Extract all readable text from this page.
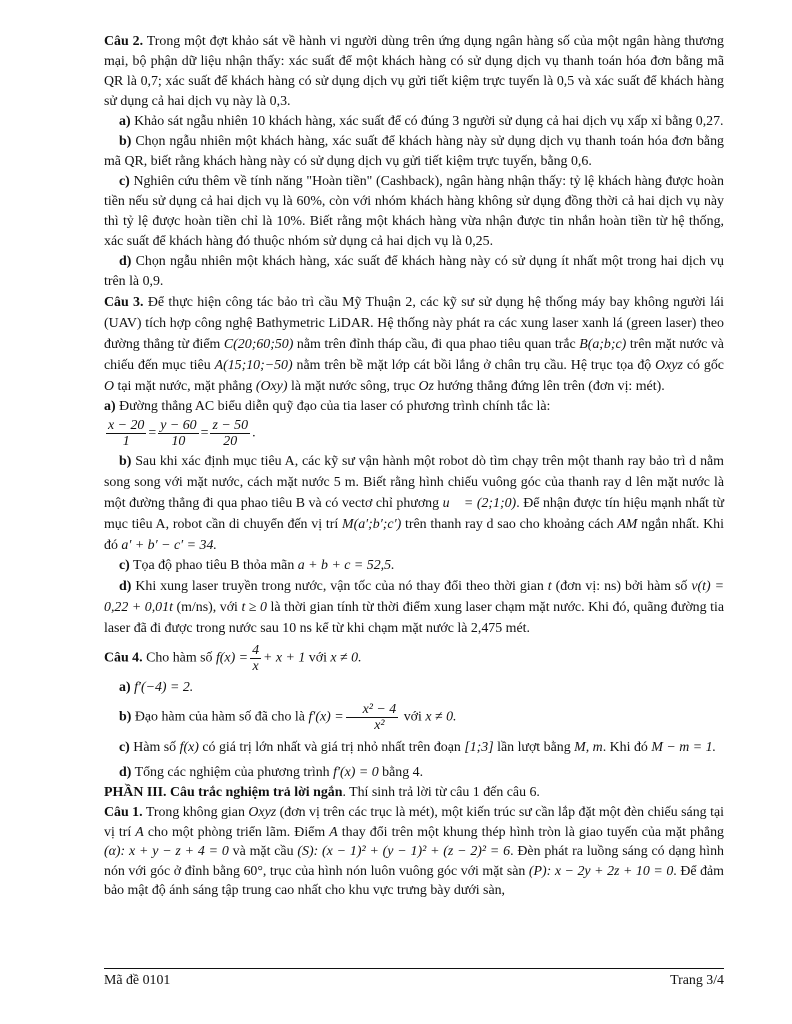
Câu 2. Trong một đợt khảo sát về hành vi người dùng trên ứng dụng ngân hàng số của một ngân hàng thương mại, bộ phận dữ liệu nhận thấy: xác suất để một khách hàng có sử dụng dịch vụ thanh toán hóa đơn bằng mã QR là 0,7; xác suất để khách hàng có sử dụng dịch vụ gửi tiết kiệm trực tuyến là 0,5 và xác suất để khách hàng sử dụng cả hai dịch vụ này là 0,3.

a) Khảo sát ngẫu nhiên 10 khách hàng, xác suất để có đúng 3 người sử dụng cả hai dịch vụ xấp xỉ bằng 0,27.

b) Chọn ngẫu nhiên một khách hàng, xác suất để khách hàng này sử dụng dịch vụ thanh toán hóa đơn bằng mã QR, biết rằng khách hàng này có sử dụng dịch vụ gửi tiết kiệm trực tuyến, bằng 0,6.

c) Nghiên cứu thêm về tính năng "Hoàn tiền" (Cashback), ngân hàng nhận thấy: tỷ lệ khách hàng được hoàn tiền nếu sử dụng cả hai dịch vụ là 60%, còn với nhóm khách hàng không sử dụng đồng thời cả hai dịch vụ này thì tỷ lệ được hoàn tiền chỉ là 10%. Biết rằng một khách hàng vừa nhận được tin nhắn hoàn tiền từ hệ thống, xác suất để khách hàng đó thuộc nhóm sử dụng cả hai dịch vụ là 0,25.

d) Chọn ngẫu nhiên một khách hàng, xác suất để khách hàng này có sử dụng ít nhất một trong hai dịch vụ trên là 0,9.

Câu 3. Để thực hiện công tác bảo trì cầu Mỹ Thuận 2, các kỹ sư sử dụng hệ thống máy bay không người lái (UAV) tích hợp công nghệ Bathymetric LiDAR. Hệ thống này phát ra các xung laser xanh lá (green laser) theo đường thẳng từ điểm C(20;60;50) nằm trên đỉnh tháp cầu, đi qua phao tiêu quan trắc B(a;b;c) trên mặt nước và chiếu đến mục tiêu A(15;10;−50) nằm trên bề mặt lớp cát bồi lắng ở chân trụ cầu. Hệ trục tọa độ Oxyz có gốc O tại mặt nước, mặt phẳng (Oxy) là mặt nước sông, trục Oz hướng thẳng đứng lên trên (đơn vị: mét).

a) Đường thẳng AC biểu diễn quỹ đạo của tia laser có phương trình chính tắc là:

$\frac{x - 20}{1} = \frac{y - 60}{10} = \frac{z - 50}{20}$ .

b) Sau khi xác định mục tiêu A, các kỹ sư vận hành một robot dò tìm chạy trên một thanh ray bảo trì d nằm song song với mặt nước, cách mặt nước 5 m. Biết rằng hình chiếu vuông góc của thanh ray d lên mặt nước là một đường thẳng đi qua phao tiêu B và có vectơ chỉ phương u⃗ = (2;1;0). Để nhận được tín hiệu mạnh nhất từ mục tiêu A, robot cần di chuyển đến vị trí M(a′;b′;c′) trên thanh ray d sao cho khoảng cách AM ngắn nhất. Khi đó a′ + b′ − c′ = 34.

c) Tọa độ phao tiêu B thỏa mãn a + b + c = 52,5.

d) Khi xung laser truyền trong nước, vận tốc của nó thay đổi theo thời gian t (đơn vị: ns) bởi hàm số v(t) = 0,22 + 0,01t (m/ns), với t ≥ 0 là thời gian tính từ thời điểm xung laser chạm mặt nước. Khi đó, quãng đường tia laser đã đi được trong nước sau 10 ns kể từ khi chạm mặt nước là 2,475 mét.

Câu 4. Cho hàm số $f(x) = \frac{4}{x} + x + 1$ với x ≠ 0.

a) f′(−4) = 2.

b) Đạo hàm của hàm số đã cho là $f'(x) = \frac{\text{x² − 4}}{\text{x²}}$ với x ≠ 0.

c) Hàm số f(x) có giá trị lớn nhất và giá trị nhỏ nhất trên đoạn [1;3] lần lượt bằng M, m. Khi đó M − m = 1.

d) Tổng các nghiệm của phương trình f′(x) = 0 bằng 4.

PHẦN III. Câu trắc nghiệm trả lời ngắn. Thí sinh trả lời từ câu 1 đến câu 6.

Câu 1. Trong không gian Oxyz (đơn vị trên các trục là mét), một kiến trúc sư cần lắp đặt một đèn chiếu sáng tại vị trí A cho một phòng triển lãm. Điểm A thay đổi trên một khung thép hình tròn là giao tuyến của mặt phẳng (α): x + y − z + 4 = 0 và mặt cầu (S): (x − 1)² + (y − 1)² + (z − 2)² = 6. Đèn phát ra luồng sáng có dạng hình nón với góc ở đỉnh bằng 60°, trục của hình nón luôn vuông góc với mặt sàn (P): x − 2y + 2z + 10 = 0. Để đảm bảo mật độ ánh sáng tập trung cao nhất cho khu vực trưng bày dưới sàn,

Mã đề 0101	Trang 3/4
